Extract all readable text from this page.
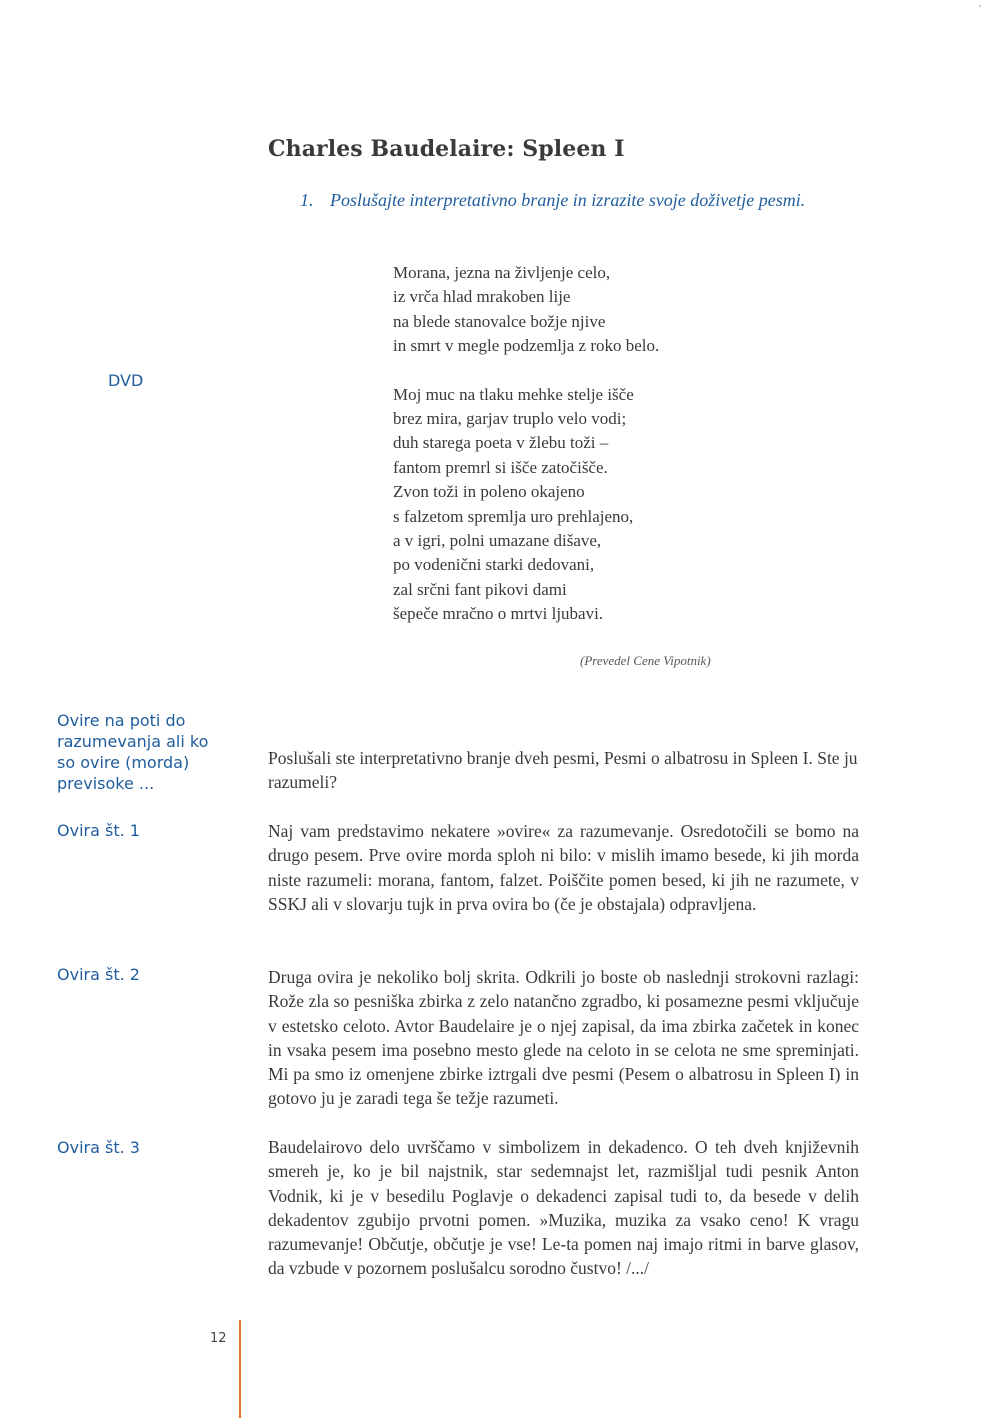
·
Charles Baudelaire: Spleen I

1. Poslušajte interpretativno branje in izrazite svoje doživetje pesmi.

Morana, jezna na življenje celo,
iz vrča hlad mrakoben lije
na blede stanovalce božje njive
in smrt v megle podzemlja z roko belo.

Moj muc na tlaku mehke stelje išče
brez mira, garjav truplo velo vodi;
duh starega poeta v žlebu toži –
fantom premrl si išče zatočišče.
Zvon toži in poleno okajeno
s falzetom spremlja uro prehlajeno,
a v igri, polni umazane dišave,
po vodenični starki dedovani,
zal srčni fant pikovi dami
šepeče mračno o mrtvi ljubavi.

(Prevedel Cene Vipotnik)

DVD

Ovire na poti do razumevanja ali ko so ovire (morda) previsoke ...

Ovira št. 1

Ovira št. 2

Ovira št. 3

Poslušali ste interpretativno branje dveh pesmi, Pesmi o albatrosu in Spleen I. Ste ju razumeli?

Naj vam predstavimo nekatere »ovire« za razumevanje. Osredotočili se bomo na drugo pesem. Prve ovire morda sploh ni bilo: v mislih imamo besede, ki jih morda niste razumeli: morana, fantom, falzet. Poiščite pomen besed, ki jih ne razumete, v SSKJ ali v slovarju tujk in prva ovira bo (če je obstajala) odpravljena.

Druga ovira je nekoliko bolj skrita. Odkrili jo boste ob naslednji strokovni razlagi: Rože zla so pesniška zbirka z zelo natančno zgradbo, ki posamezne pesmi vključuje v estetsko celoto. Avtor Baudelaire je o njej zapisal, da ima zbirka začetek in konec in vsaka pesem ima posebno mesto glede na celoto in se celota ne sme spreminjati. Mi pa smo iz omenjene zbirke iztrgali dve pesmi (Pesem o albatrosu in Spleen I) in gotovo ju je zaradi tega še težje razumeti.

Baudelairovo delo uvrščamo v simbolizem in dekadenco. O teh dveh književnih smereh je, ko je bil najstnik, star sedemnajst let, razmišljal tudi pesnik Anton Vodnik, ki je v besedilu Poglavje o dekadenci zapisal tudi to, da besede v delih dekadentov zgubijo prvotni pomen. »Muzika, muzika za vsako ceno! K vragu razumevanje! Občutje, občutje je vse! Le-ta pomen naj imajo ritmi in barve glasov, da vzbude v pozornem poslušalcu sorodno čustvo! /.../

12
